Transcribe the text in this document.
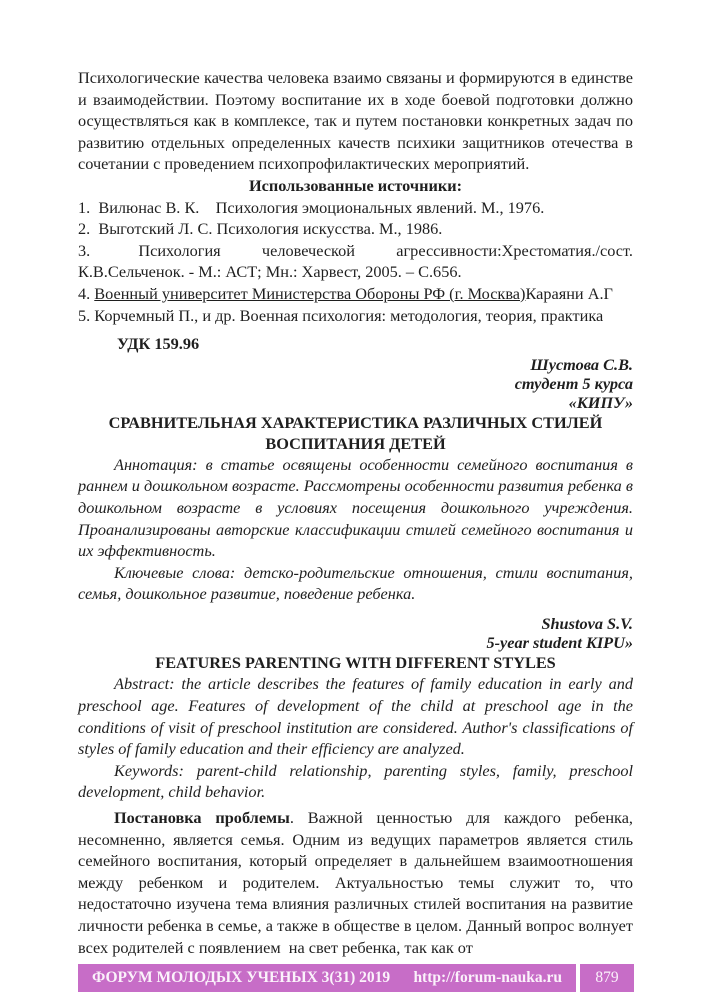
Психологические качества человека взаимо связаны и формируются в единстве и взаимодействии. Поэтому воспитание их в ходе боевой подготовки должно осуществляться как в комплексе, так и путем постановки конкретных задач по развитию отдельных определенных качеств психики защитников отечества в сочетании с проведением психопрофилактических мероприятий.

Использованные источники:

1.  Вилюнас В. К.    Психология эмоциональных явлений. М., 1976.

2.  Выготский Л. С. Психология искусства. М., 1986.

3.       Психология      человеческой      агрессивности:Хрестоматия./сост. К.В.Сельченок. - М.: АСТ; Мн.: Харвест, 2005. – С.656.

4. Военный университет Министерства Обороны РФ (г. Москва)Караяни А.Г

5. Корчемный П., и др. Военная психология: методология, теория, практика

УДК 159.96

Шустова С.В.
студент 5 курса
«КИПУ»

СРАВНИТЕЛЬНАЯ ХАРАКТЕРИСТИКА РАЗЛИЧНЫХ СТИЛЕЙ ВОСПИТАНИЯ ДЕТЕЙ

Аннотация: в статье освящены особенности семейного воспитания в раннем и дошкольном возрасте. Рассмотрены особенности развития ребенка в дошкольном возрасте в условиях посещения дошкольного учреждения. Проанализированы авторские классификации стилей семейного воспитания и их эффективность.

Ключевые слова: детско-родительские отношения, стили воспитания, семья, дошкольное развитие, поведение ребенка.

Shustova S.V.
5-year student KIPU»

FEATURES PARENTING WITH DIFFERENT STYLES

Abstract: the article describes the features of family education in early and preschool age. Features of development of the child at preschool age in the conditions of visit of preschool institution are considered. Author's classifications of styles of family education and their efficiency are analyzed.

Keywords: parent-child relationship, parenting styles, family, preschool development, child behavior.

Постановка проблемы. Важной ценностью для каждого ребенка, несомненно, является семья. Одним из ведущих параметров является стиль семейного воспитания, который определяет в дальнейшем взаимоотношения между ребенком и родителем. Актуальностью темы служит то, что недостаточно изучена тема влияния различных стилей воспитания на развитие личности ребенка в семье, а также в обществе в целом. Данный вопрос волнует всех родителей с появлением  на свет ребенка, так как от

ФОРУМ МОЛОДЫХ УЧЕНЫХ 3(31) 2019 http://forum-nauka.ru	879
